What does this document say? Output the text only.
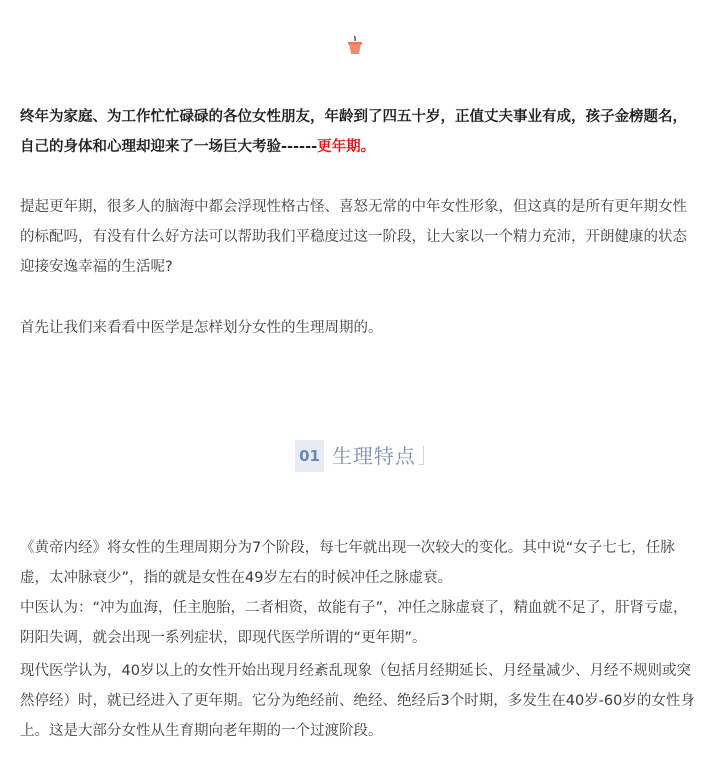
终年为家庭、为工作忙忙碌碌的各位女性朋友，年龄到了四五十岁，正值丈夫事业有成，孩子金榜题名，自己的身体和心理却迎来了一场巨大考验------更年期。

提起更年期，很多人的脑海中都会浮现性格古怪、喜怒无常的中年女性形象，但这真的是所有更年期女性的标配吗，有没有什么好方法可以帮助我们平稳度过这一阶段，让大家以一个精力充沛，开朗健康的状态迎接安逸幸福的生活呢?

首先让我们来看看中医学是怎样划分女性的生理周期的。

01 生理特点

《黄帝内经》将女性的生理周期分为7个阶段，每七年就出现一次较大的变化。其中说“女子七七，任脉虚，太冲脉衰少”，指的就是女性在49岁左右的时候冲任之脉虚衰。

中医认为：“冲为血海，任主胞胎，二者相资，故能有子”，冲任之脉虚衰了，精血就不足了，肝肾亏虚，阴阳失调，就会出现一系列症状，即现代医学所谓的“更年期”。

现代医学认为，40岁以上的女性开始出现月经紊乱现象（包括月经期延长、月经量减少、月经不规则或突然停经）时，就已经进入了更年期。它分为绝经前、绝经、绝经后3个时期，多发生在40岁-60岁的女性身上。这是大部分女性从生育期向老年期的一个过渡阶段。
